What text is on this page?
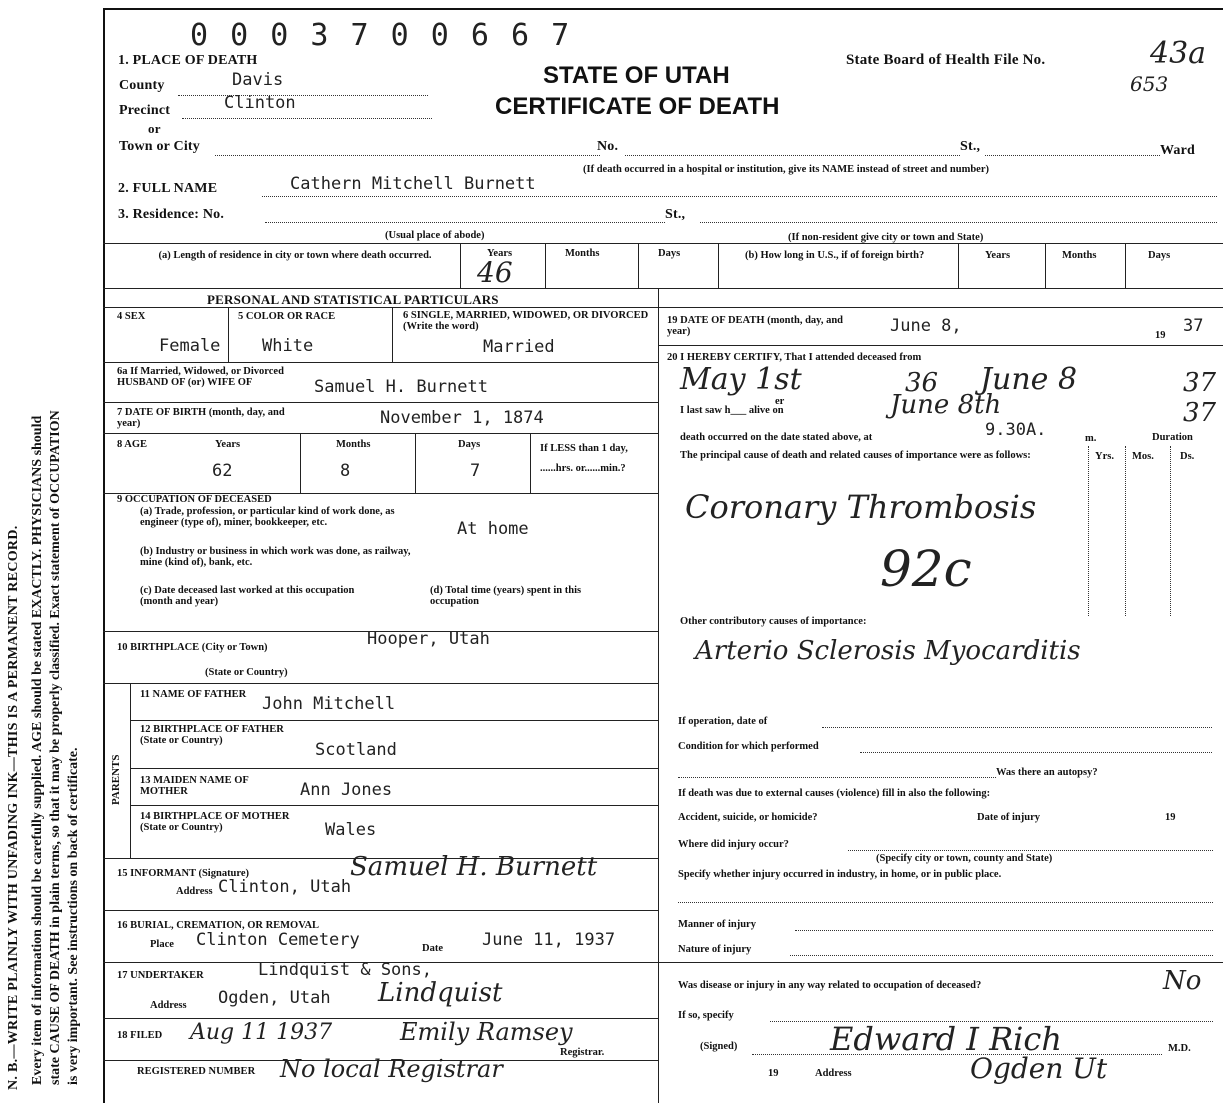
N. B.—WRITE PLAINLY WITH UNFADING INK—THIS IS A PERMANENT RECORD. Every item of information should be carefully supplied. AGE should be stated EXACTLY. PHYSICIANS should state CAUSE OF DEATH in plain terms, so that it may be properly classified. Exact statement of OCCUPATION is very important. See instructions on back of certificate.
0 0 0 3 7 0 0 6 6 7
1. PLACE OF DEATH
STATE OF UTAH
CERTIFICATE OF DEATH
State Board of Health File No.	43a
653
County	Davis
Precinct	Clinton
or
Town or City	No.	St.,	Ward
(If death occurred in a hospital or institution, give its NAME instead of street and number)
2. FULL NAME	Cathern Mitchell Burnett
3. Residence: No.	St.,
(Usual place of abode)	(If non-resident give city or town and State)
(a) Length of residence in city or town where death occurred.	Years
46
Months	Days	(b) How long in U.S., if of foreign birth?	Years	Months	Days
PERSONAL AND STATISTICAL PARTICULARS
4 SEX
Female
5 COLOR OR RACE
White
6 SINGLE, MARRIED, WIDOWED, OR DIVORCED (Write the word)
Married
6a If Married, Widowed, or Divorced HUSBAND OF (or) WIFE OF	Samuel H. Burnett
7 DATE OF BIRTH (month, day, and year)	November 1, 1874
8 AGE	Years
62
Months
8
Days
7
If LESS than 1 day, ......hrs. or......min.?
9 OCCUPATION OF DECEASED
(a) Trade, profession, or particular kind of work done, as engineer (type of), miner, bookkeeper, etc.	At home
(b) Industry or business in which work was done, as railway, mine (kind of), bank, etc.
(c) Date deceased last worked at this occupation (month and year)
(d) Total time (years) spent in this occupation
10 BIRTHPLACE (City or Town)	Hooper, Utah
(State or Country)
PARENTS
11 NAME OF FATHER John Mitchell
12 BIRTHPLACE OF FATHER (State or Country)	Scotland
13 MAIDEN NAME OF MOTHER	Ann Jones
14 BIRTHPLACE OF MOTHER (State or Country)	Wales
15 INFORMANT (Signature)	Samuel H. Burnett
Address Clinton, Utah
16 BURIAL, CREMATION, OR REMOVAL
Place Clinton Cemetery	Date June 11, 1937
17 UNDERTAKER	Lindquist & Sons,
Address Ogden, Utah Lindquist
18 FILED Aug 11 1937	Emily Ramsey
Registrar.
REGISTERED NUMBER No local Registrar
19 DATE OF DEATH (month, day, and year)	June 8,	19 37
20 I HEREBY CERTIFY, That I attended deceased from
May 1st	36 June 8	37
I last saw h___ alive on
er	June 8th	37
death occurred on the date stated above, at	9.30A.	m.	Duration
The principal cause of death and related causes of importance were as follows:	Yrs. Mos. Ds.
Coronary Thrombosis
92c
Other contributory causes of importance:
Arterio Sclerosis Myocarditis
If operation, date of
Condition for which performed
Was there an autopsy?
If death was due to external causes (violence) fill in also the following:
Accident, suicide, or homicide?	Date of injury	19
Where did injury occur?
(Specify city or town, county and State)
Specify whether injury occurred in industry, in home, or in public place.
Manner of injury
Nature of injury
Was disease or injury in any way related to occupation of deceased?	No
If so, specify
(Signed)	Edward I Rich	M.D.
19	Address	Ogden Ut
